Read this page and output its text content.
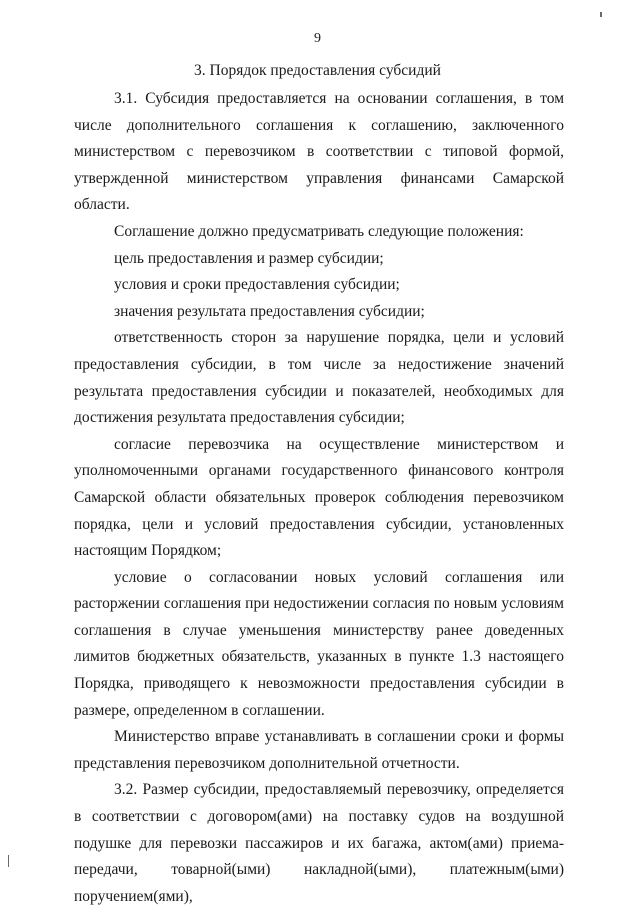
9
3. Порядок предоставления субсидий

3.1. Субсидия предоставляется на основании соглашения, в том числе дополнительного соглашения к соглашению, заключенного министерством с перевозчиком в соответствии с типовой формой, утвержденной министерством управления финансами Самарской области.

Соглашение должно предусматривать следующие положения:

цель предоставления и размер субсидии;

условия и сроки предоставления субсидии;

значения результата предоставления субсидии;

ответственность сторон за нарушение порядка, цели и условий предоставления субсидии, в том числе за недостижение значений результата предоставления субсидии и показателей, необходимых для достижения результата предоставления субсидии;

согласие перевозчика на осуществление министерством и уполномоченными органами государственного финансового контроля Самарской области обязательных проверок соблюдения перевозчиком порядка, цели и условий предоставления субсидии, установленных настоящим Порядком;

условие о согласовании новых условий соглашения или расторжении соглашения при недостижении согласия по новым условиям соглашения в случае уменьшения министерству ранее доведенных лимитов бюджетных обязательств, указанных в пункте 1.3 настоящего Порядка, приводящего к невозможности предоставления субсидии в размере, определенном в соглашении.

Министерство вправе устанавливать в соглашении сроки и формы представления перевозчиком дополнительной отчетности.

3.2. Размер субсидии, предоставляемый перевозчику, определяется в соответствии с договором(ами) на поставку судов на воздушной подушке для перевозки пассажиров и их багажа, актом(ами) приема-передачи, товарной(ыми) накладной(ыми), платежным(ыми) поручением(ями),
